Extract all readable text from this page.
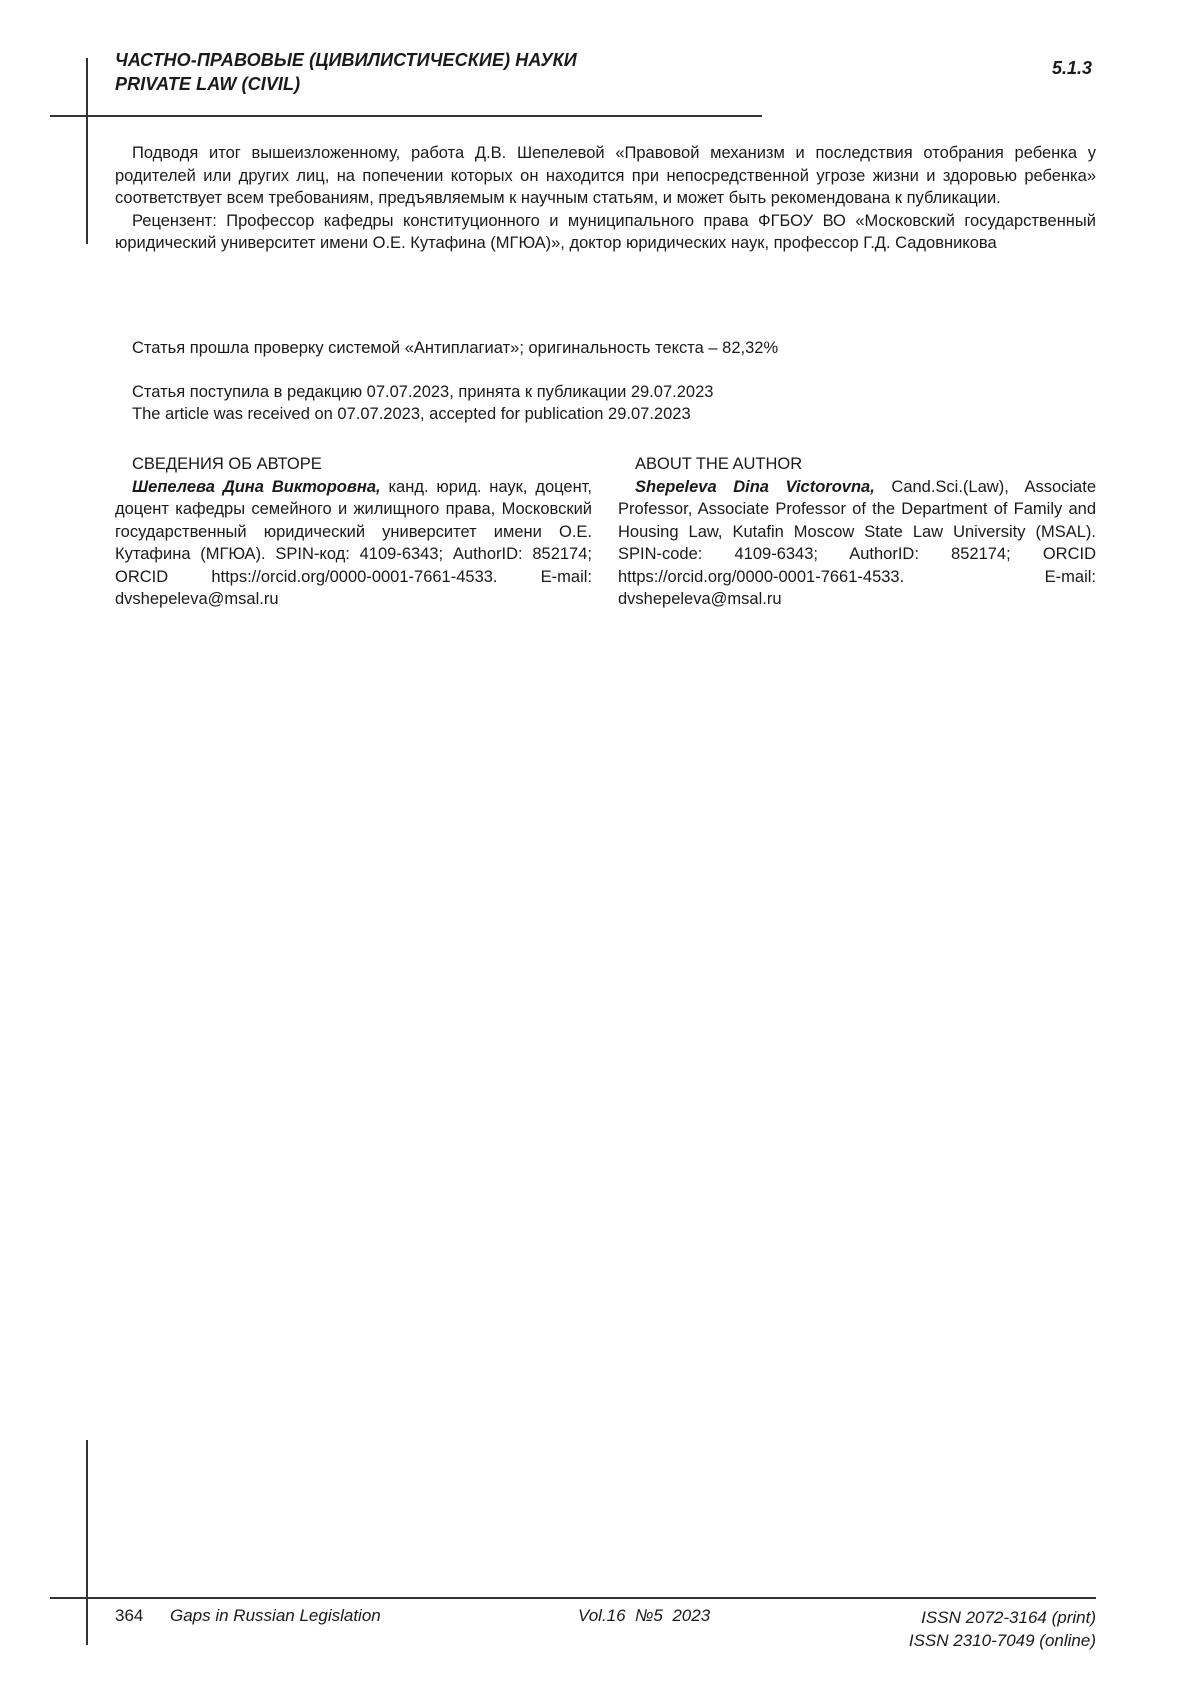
ЧАСТНО-ПРАВОВЫЕ (ЦИВИЛИСТИЧЕСКИЕ) НАУКИ
PRIVATE LAW (CIVIL)
5.1.3

Подводя итог вышеизложенному, работа Д.В. Шепелевой «Правовой механизм и последствия отобрания ребенка у родителей или других лиц, на попечении которых он находится при непосредственной угрозе жизни и здоровью ребенка» соответствует всем требованиям, предъявляемым к научным статьям, и может быть рекомендована к публикации.

Рецензент: Профессор кафедры конституционного и муниципального права ФГБОУ ВО «Московский государственный юридический университет имени О.Е. Кутафина (МГЮА)», доктор юридических наук, профессор Г.Д. Садовникова

Статья прошла проверку системой «Антиплагиат»; оригинальность текста – 82,32%
Статья поступила в редакцию 07.07.2023, принята к публикации 29.07.2023
The article was received on 07.07.2023, accepted for publication 29.07.2023
СВЕДЕНИЯ ОБ АВТОРЕ
Шепелева Дина Викторовна, канд. юрид. наук, доцент, доцент кафедры семейного и жилищного права, Московский государственный юридический университет имени О.Е. Кутафина (МГЮА). SPIN-код: 4109-6343; AuthorID: 852174; ORCID https://orcid.org/0000-0001-7661-4533. E-mail: dvshepeleva@msal.ru
ABOUT THE AUTHOR
Shepeleva Dina Victorovna, Cand.Sci.(Law), Associate Professor, Associate Professor of the Department of Family and Housing Law, Kutafin Moscow State Law University (MSAL). SPIN-code: 4109-6343; AuthorID: 852174; ORCID https://orcid.org/0000-0001-7661-4533. E-mail: dvshepeleva@msal.ru
364 Gaps in Russian Legislation	Vol.16  №5  2023	ISSN 2072-3164 (print)
ISSN 2310-7049 (online)
